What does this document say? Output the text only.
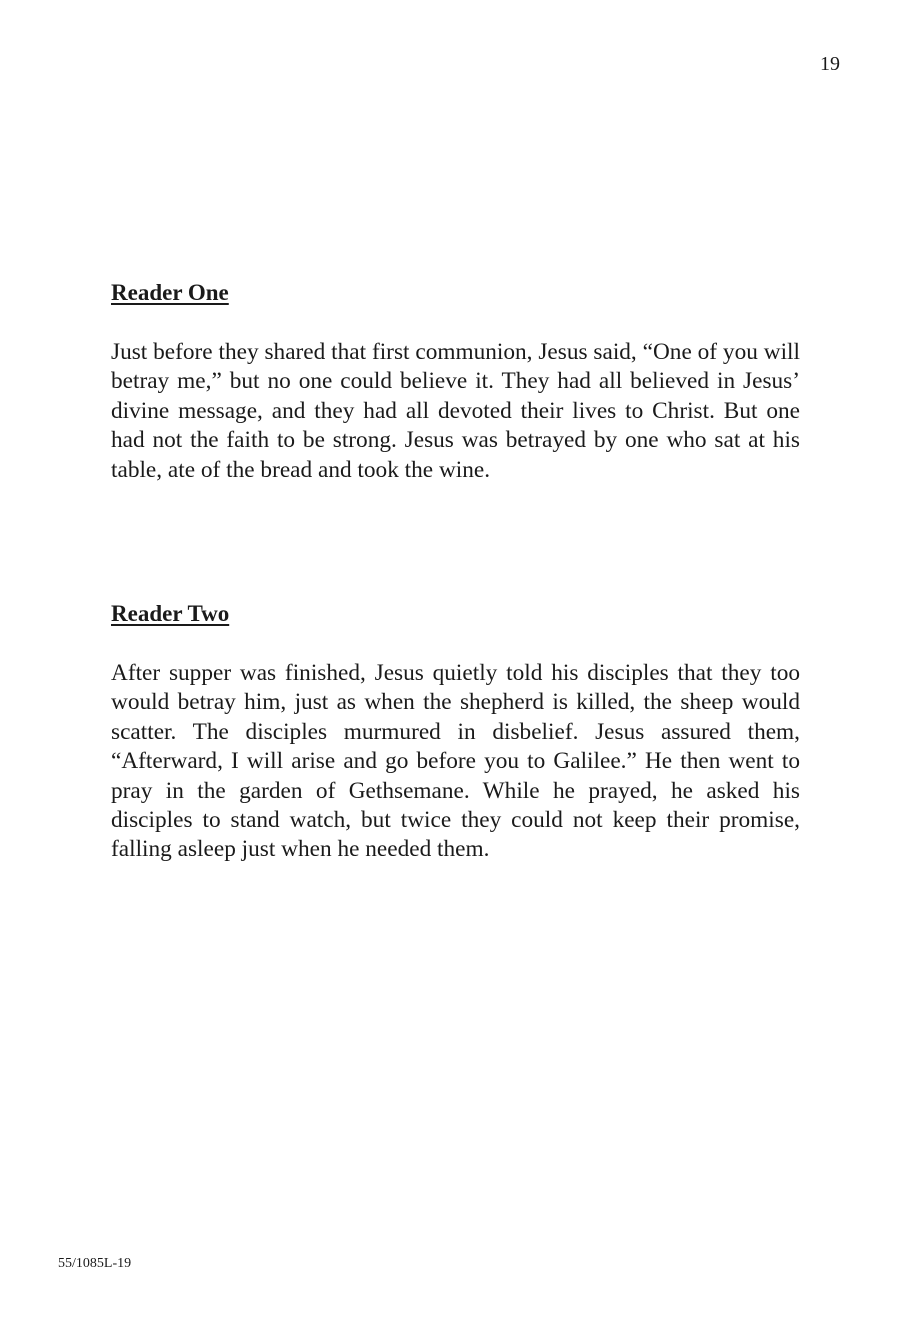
19
Reader One

Just before they shared that first communion, Jesus said, “One of you will betray me,” but no one could believe it. They had all believed in Jesus’ divine message, and they had all devoted their lives to Christ. But one had not the faith to be strong. Jesus was betrayed by one who sat at his table, ate of the bread and took the wine.

Reader Two

After supper was finished, Jesus quietly told his disciples that they too would betray him, just as when the shepherd is killed, the sheep would scatter. The disciples murmured in disbelief. Jesus assured them, “Afterward, I will arise and go before you to Galilee.” He then went to pray in the garden of Gethsemane. While he prayed, he asked his disciples to stand watch, but twice they could not keep their promise, falling asleep just when he needed them.

55/1085L-19
